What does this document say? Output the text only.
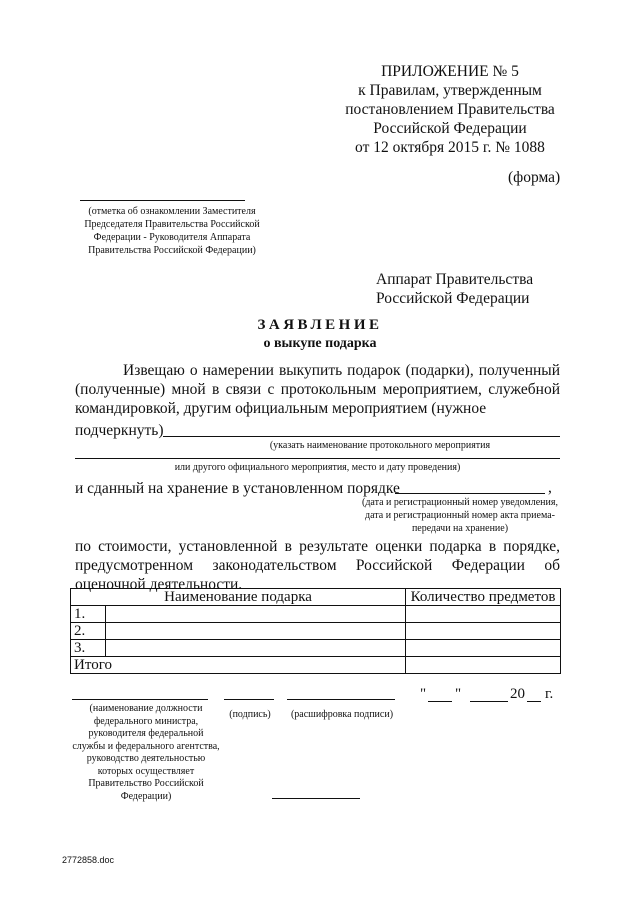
ПРИЛОЖЕНИЕ № 5
к Правилам, утвержденным
постановлением Правительства
Российской Федерации
от 12 октября 2015 г. № 1088
(форма)
(отметка об ознакомлении Заместителя Председателя Правительства Российской Федерации - Руководителя Аппарата Правительства Российской Федерации)
Аппарат Правительства
Российской Федерации
ЗАЯВЛЕНИЕ
о выкупе подарка
Извещаю о намерении выкупить подарок (подарки), полученный (полученные) мной в связи с протокольным мероприятием, служебной командировкой, другим официальным мероприятием (нужное
подчеркнуть)
(указать наименование протокольного мероприятия
или другого официального мероприятия, место и дату проведения)
и сданный на хранение в установленном порядке	,
(дата и регистрационный номер уведомления, дата и регистрационный номер акта приема-передачи на хранение)
по стоимости, установленной в результате оценки подарка в порядке, предусмотренном законодательством Российской Федерации об оценочной деятельности.
Наименование подарка		Количество предметов
1.		
2.		
3.		
Итого		
(наименование должности федерального министра, руководителя федеральной службы и федерального агентства, руководство деятельностью которых осуществляет Правительство Российской Федерации)
(подпись)	(расшифровка подписи)
" "	20 г.
2772858.doc
